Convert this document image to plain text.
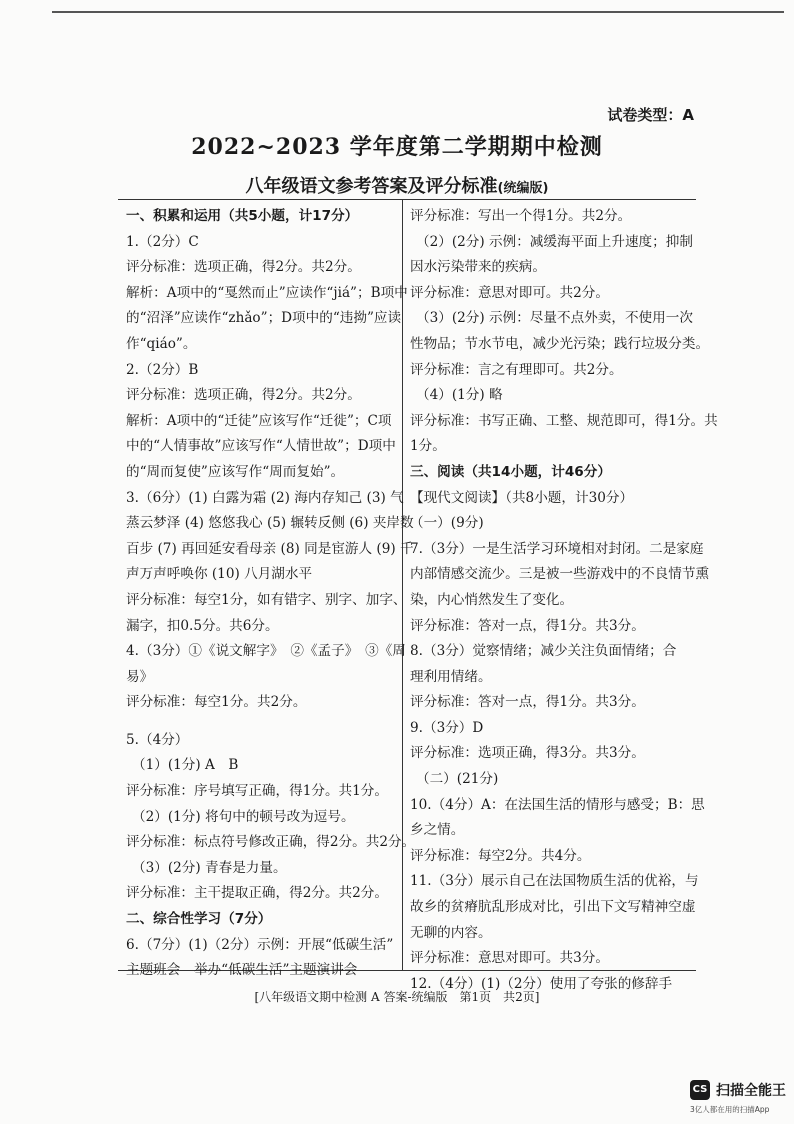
试卷类型：A
2022~2023 学年度第二学期期中检测
八年级语文参考答案及评分标准(统编版)
一、积累和运用（共5小题，计17分）
1.（2分）C
评分标准：选项正确，得2分。共2分。
解析：A项中的“戛然而止”应读作“jiá”；B项中
的“沼泽”应读作“zhǎo”；D项中的“违拗”应读
作“qiáo”。
2.（2分）B
评分标准：选项正确，得2分。共2分。
解析：A项中的“迁徒”应该写作“迁徙”；C项
中的“人情事故”应该写作“人情世故”；D项中
的“周而复使”应该写作“周而复始”。
3.（6分）(1) 白露为霜 (2) 海内存知己 (3) 气
蒸云梦泽 (4) 悠悠我心 (5) 辗转反侧 (6) 夹岸数
百步 (7) 再回延安看母亲 (8) 同是宦游人 (9) 千
声万声呼唤你 (10) 八月湖水平
评分标准：每空1分，如有错字、别字、加字、
漏字，扣0.5分。共6分。
4.（3分）①《说文解字》　②《孟子》　③《周
易》
评分标准：每空1分。共2分。
5.（4分）
（1）(1分) A　B
评分标准：序号填写正确，得1分。共1分。
（2）(1分) 将句中的顿号改为逗号。
评分标准：标点符号修改正确，得2分。共2分。
（3）(2分) 青春是力量。
评分标准：主干提取正确，得2分。共2分。
二、综合性学习（7分）
6.（7分）(1)（2分）示例：开展“低碳生活”
主题班会　举办“低碳生活”主题演讲会
评分标准：写出一个得1分。共2分。
（2）(2分) 示例：减缓海平面上升速度；抑制
因水污染带来的疾病。
评分标准：意思对即可。共2分。
（3）(2分) 示例：尽量不点外卖，不使用一次
性物品；节水节电，减少光污染；践行垃圾分类。
评分标准：言之有理即可。共2分。
（4）(1分) 略
评分标准：书写正确、工整、规范即可，得1分。共
1分。
三、阅读（共14小题，计46分）
【现代文阅读】（共8小题，计30分）
（一）(9分)
7.（3分）一是生活学习环境相对封闭。二是家庭
内部情感交流少。三是被一些游戏中的不良情节熏
染，内心悄然发生了变化。
评分标准：答对一点，得1分。共3分。
8.（3分）觉察情绪；减少关注负面情绪；合
理利用情绪。
评分标准：答对一点，得1分。共3分。
9.（3分）D
评分标准：选项正确，得3分。共3分。
（二）(21分)
10.（4分）A：在法国生活的情形与感受；B：思
乡之情。
评分标准：每空2分。共4分。
11.（3分）展示自己在法国物质生活的优裕，与
故乡的贫瘠肮乱形成对比，引出下文写精神空虚
无聊的内容。
评分标准：意思对即可。共3分。
12.（4分）(1)（2分）使用了夸张的修辞手
[八年级语文期中检测 A 答案-统编版　第1页　共2页]
CS 扫描全能王
3亿人都在用的扫描App
